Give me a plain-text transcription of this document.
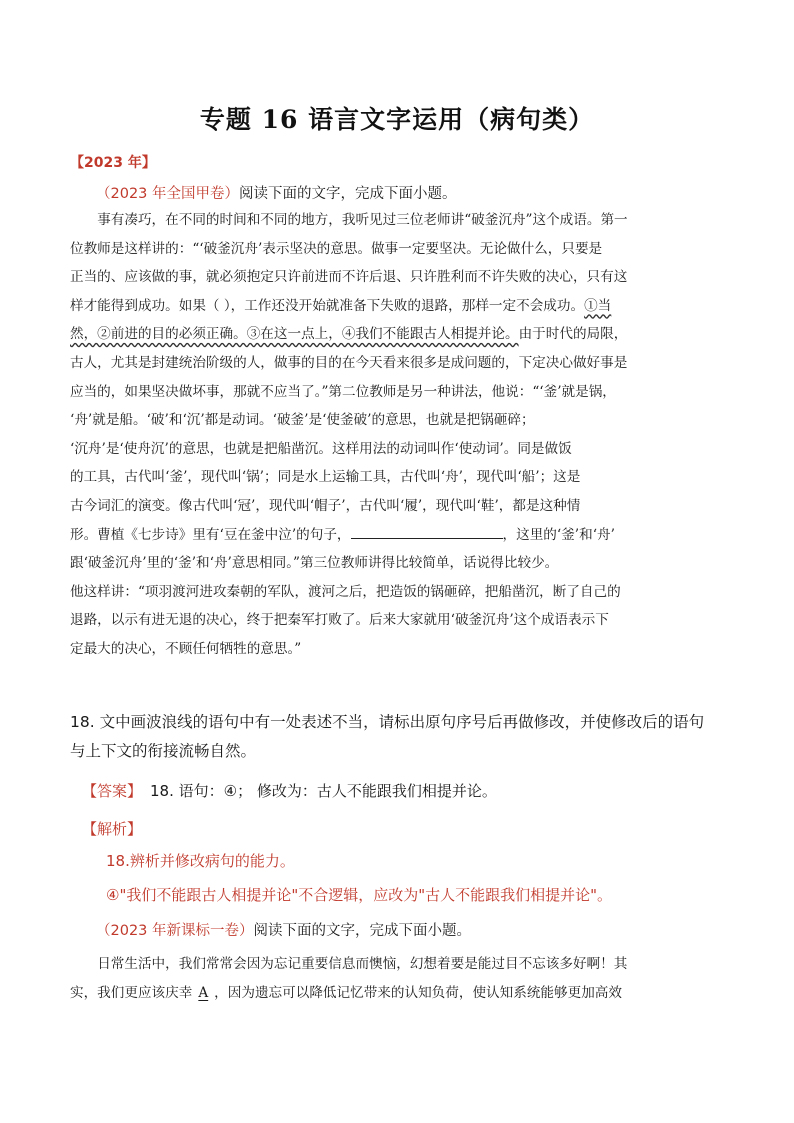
专题 16 语言文字运用（病句类）
【2023 年】
（2023 年全国甲卷）阅读下面的文字，完成下面小题。

事有凑巧，在不同的时间和不同的地方，我听见过三位老师讲“破釜沉舟”这个成语。第一

位教师是这样讲的：“‘破釜沉舟’表示坚决的意思。做事一定要坚决。无论做什么，只要是
正当的、应该做的事，就必须抱定只许前进而不许后退、只许胜利而不许失败的决心，只有这
样才能得到成功。如果（ ），工作还没开始就准备下失败的退路，那样一定不会成功。①当
然，②前进的目的必须正确。③在这一点上，④我们不能跟古人相提并论。由于时代的局限，
古人，尤其是封建统治阶级的人，做事的目的在今天看来很多是成问题的，下定决心做好事是
应当的，如果坚决做坏事，那就不应当了。”第二位教师是另一种讲法，他说：“‘釜’就是锅，
‘舟’就是船。‘破’和‘沉’都是动词。‘破釜’是‘使釜破’的意思，也就是把锅砸碎；
‘沉舟’是‘使舟沉’的意思，也就是把船凿沉。这样用法的动词叫作‘使动词’。同是做饭
的工具，古代叫‘釜’，现代叫‘锅’；同是水上运输工具，古代叫‘舟’，现代叫‘船’；这是
古今词汇的演变。像古代叫‘冠’，现代叫‘帽子’，古代叫‘履’，现代叫‘鞋’，都是这种情
形。曹植《七步诗》里有‘豆在釜中泣’的句子，	，这里的‘釜’和‘舟’
跟‘破釜沉舟’里的‘釜’和‘舟’意思相同。”第三位教师讲得比较简单，话说得比较少。
他这样讲：“项羽渡河进攻秦朝的军队，渡河之后，把造饭的锅砸碎，把船凿沉，断了自己的
退路，以示有进无退的决心，终于把秦军打败了。后来大家就用‘破釜沉舟’这个成语表示下
定最大的决心，不顾任何牺牲的意思。”
18. 文中画波浪线的语句中有一处表述不当，请标出原句序号后再做修改，并使修改后的语句
与上下文的衔接流畅自然。
【答案】 18. 语句：④； 修改为：古人不能跟我们相提并论。
【解析】
18.辨析并修改病句的能力。
④"我们不能跟古人相提并论"不合逻辑，应改为"古人不能跟我们相提并论"。
（2023 年新课标一卷）阅读下面的文字，完成下面小题。

日常生活中，我们常常会因为忘记重要信息而懊恼，幻想着要是能过目不忘该多好啊！其

实，我们更应该庆幸 A ，因为遗忘可以降低记忆带来的认知负荷，使认知系统能够更加高效
